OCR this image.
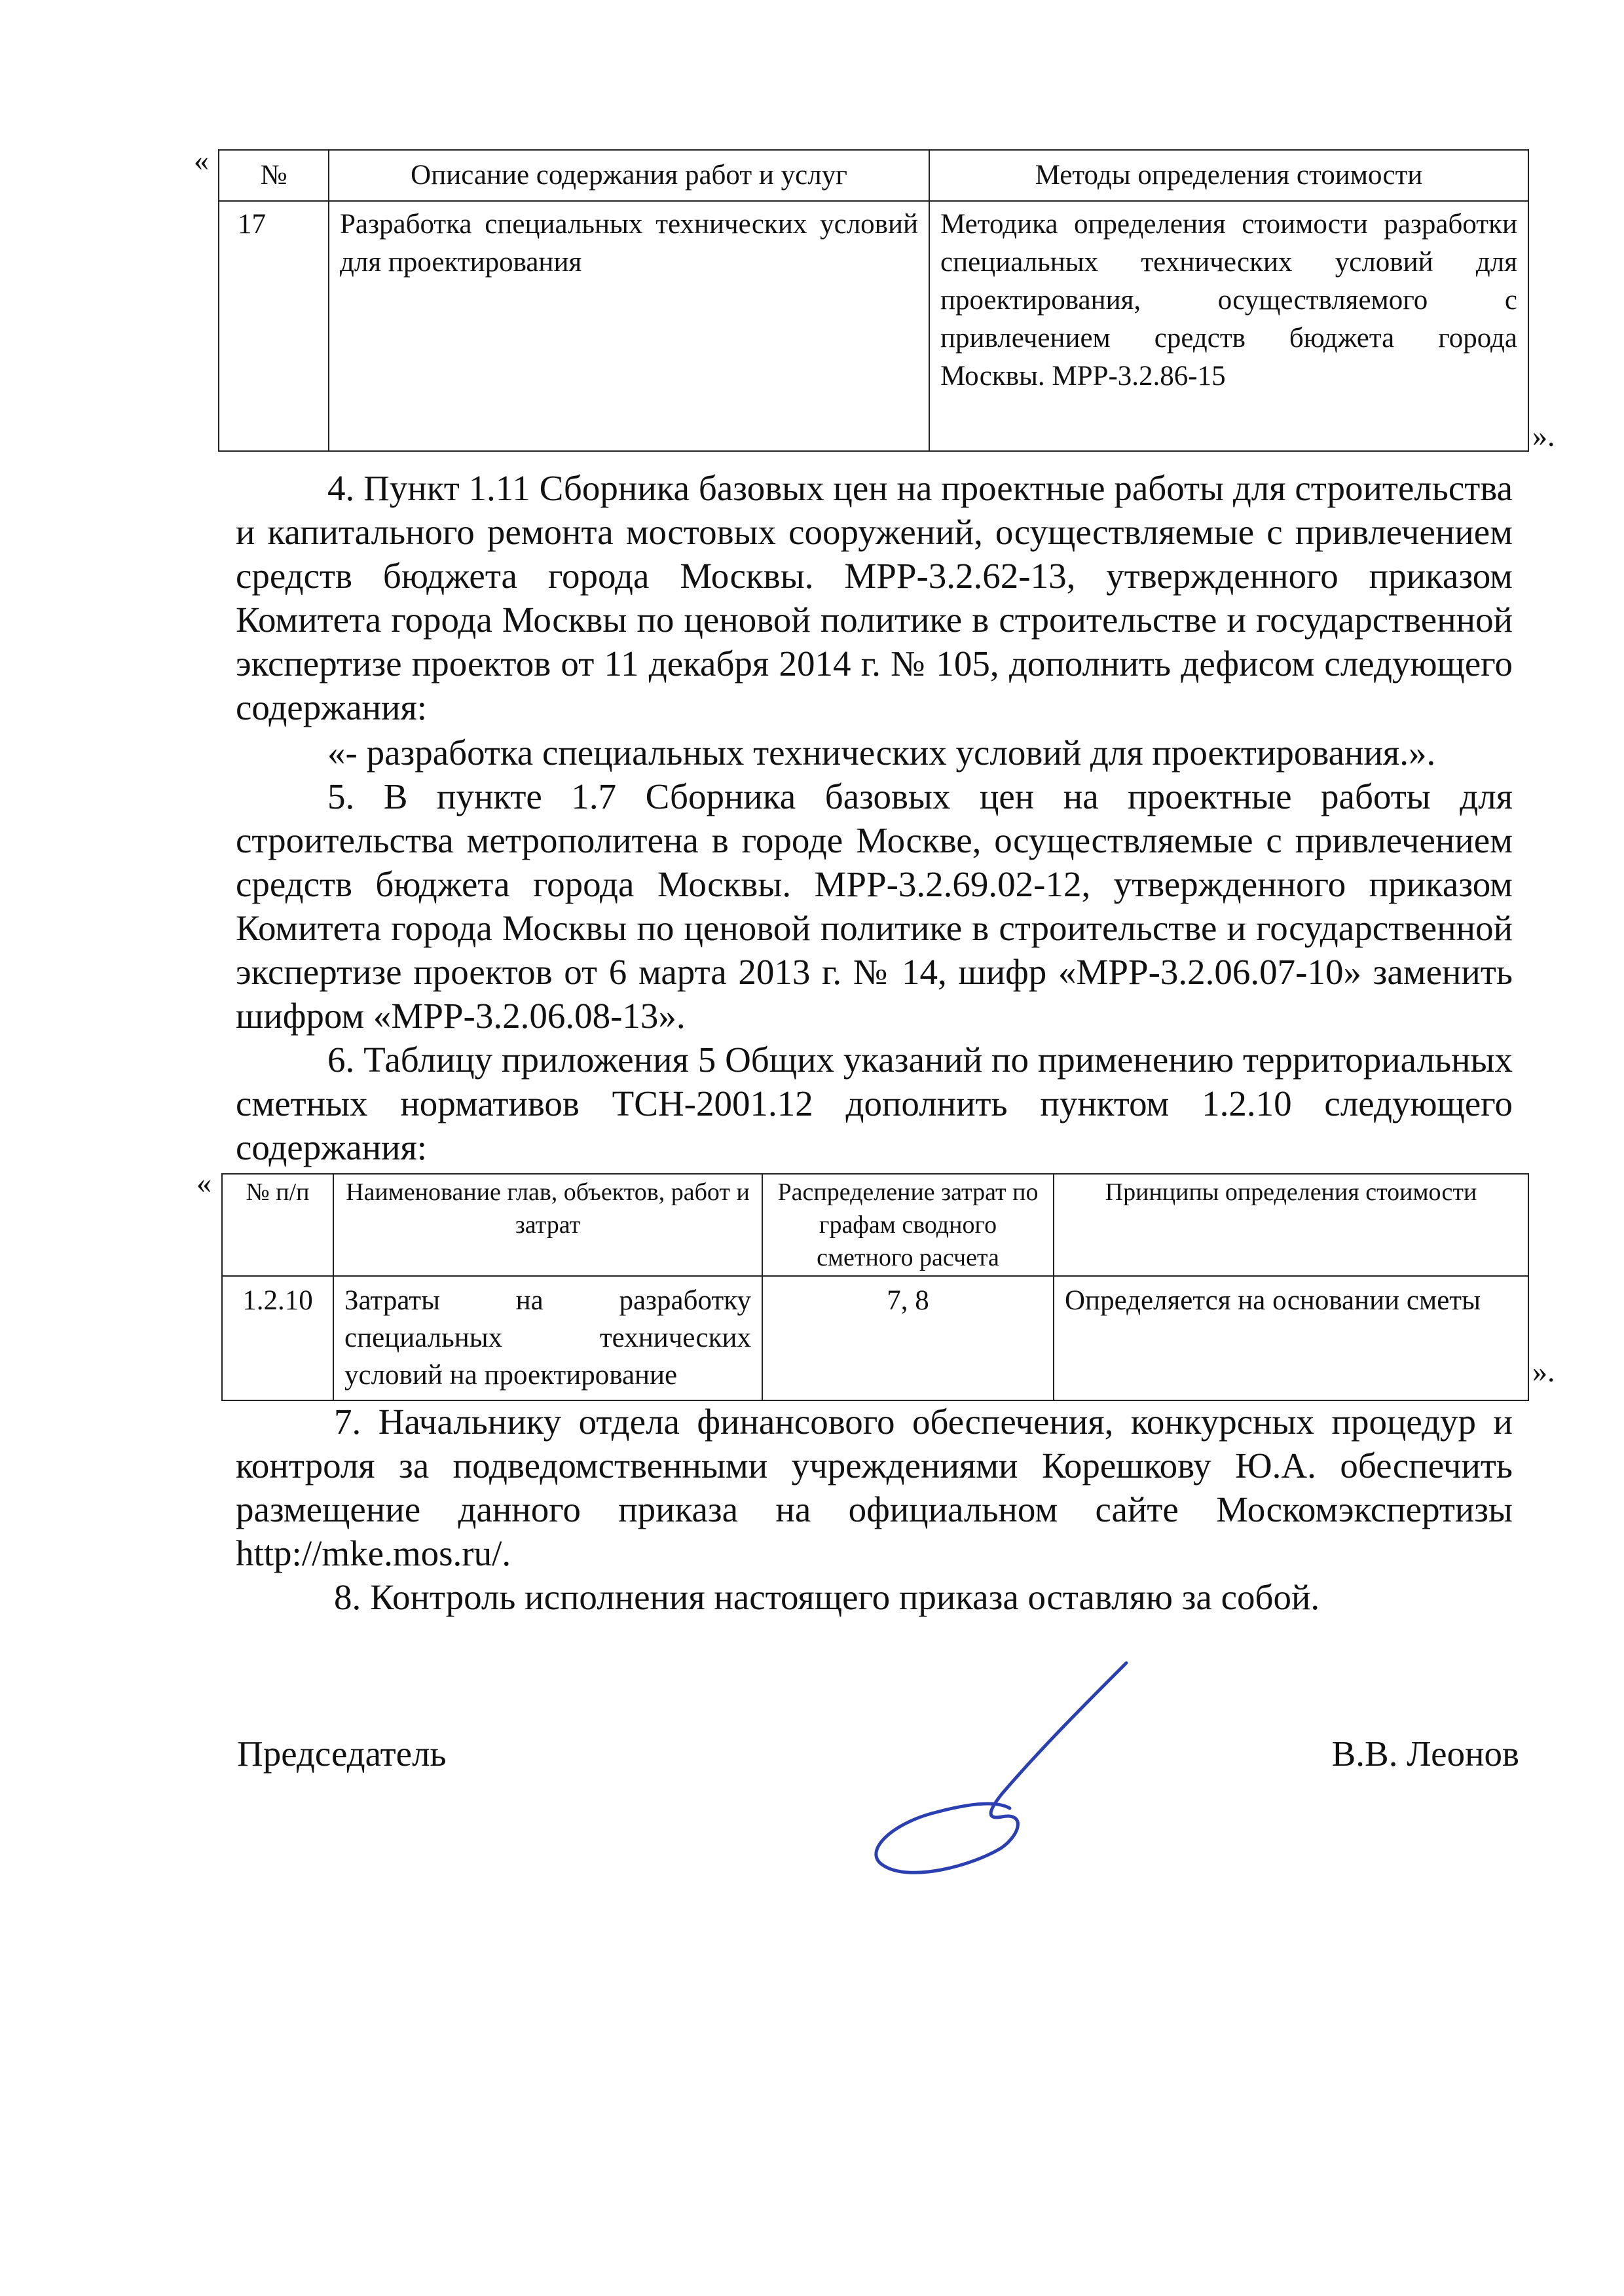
« №	Описание содержания работ и услуг	Методы определения стоимости
17	Разработка специальных технических условий для проектирования	Методика определения стоимости разработки специальных технических условий для проектирования, осуществляемого с привлечением средств бюджета города Москвы. МРР-3.2.86-15
».

4. Пункт 1.11 Сборника базовых цен на проектные работы для строительства и капитального ремонта мостовых сооружений, осуществляемые с привлечением средств бюджета города Москвы. МРР-3.2.62-13, утвержденного приказом Комитета города Москвы по ценовой политике в строительстве и государственной экспертизе проектов от 11 декабря 2014 г. № 105, дополнить дефисом следующего содержания:

«- разработка специальных технических условий для проектирования.».

5. В пункте 1.7 Сборника базовых цен на проектные работы для строительства метрополитена в городе Москве, осуществляемые с привлечением средств бюджета города Москвы. МРР-3.2.69.02-12, утвержденного приказом Комитета города Москвы по ценовой политике в строительстве и государственной экспертизе проектов от 6 марта 2013 г. № 14, шифр «МРР-3.2.06.07-10» заменить шифром «МРР-3.2.06.08-13».

6. Таблицу приложения 5 Общих указаний по применению территориальных сметных нормативов ТСН-2001.12 дополнить пунктом 1.2.10 следующего содержания:

« № п/п	Наименование глав, объектов, работ и затрат	Распределение затрат по графам сводного сметного расчета	Принципы определения стоимости
1.2.10	Затраты на разработку специальных технических условий на проектирование	7, 8	Определяется на основании сметы
».

7. Начальнику отдела финансового обеспечения, конкурсных процедур и контроля за подведомственными учреждениями Корешкову Ю.А. обеспечить размещение данного приказа на официальном сайте Москомэкспертизы http://mke.mos.ru/.

8. Контроль исполнения настоящего приказа оставляю за собой.

Председатель	В.В. Леонов
